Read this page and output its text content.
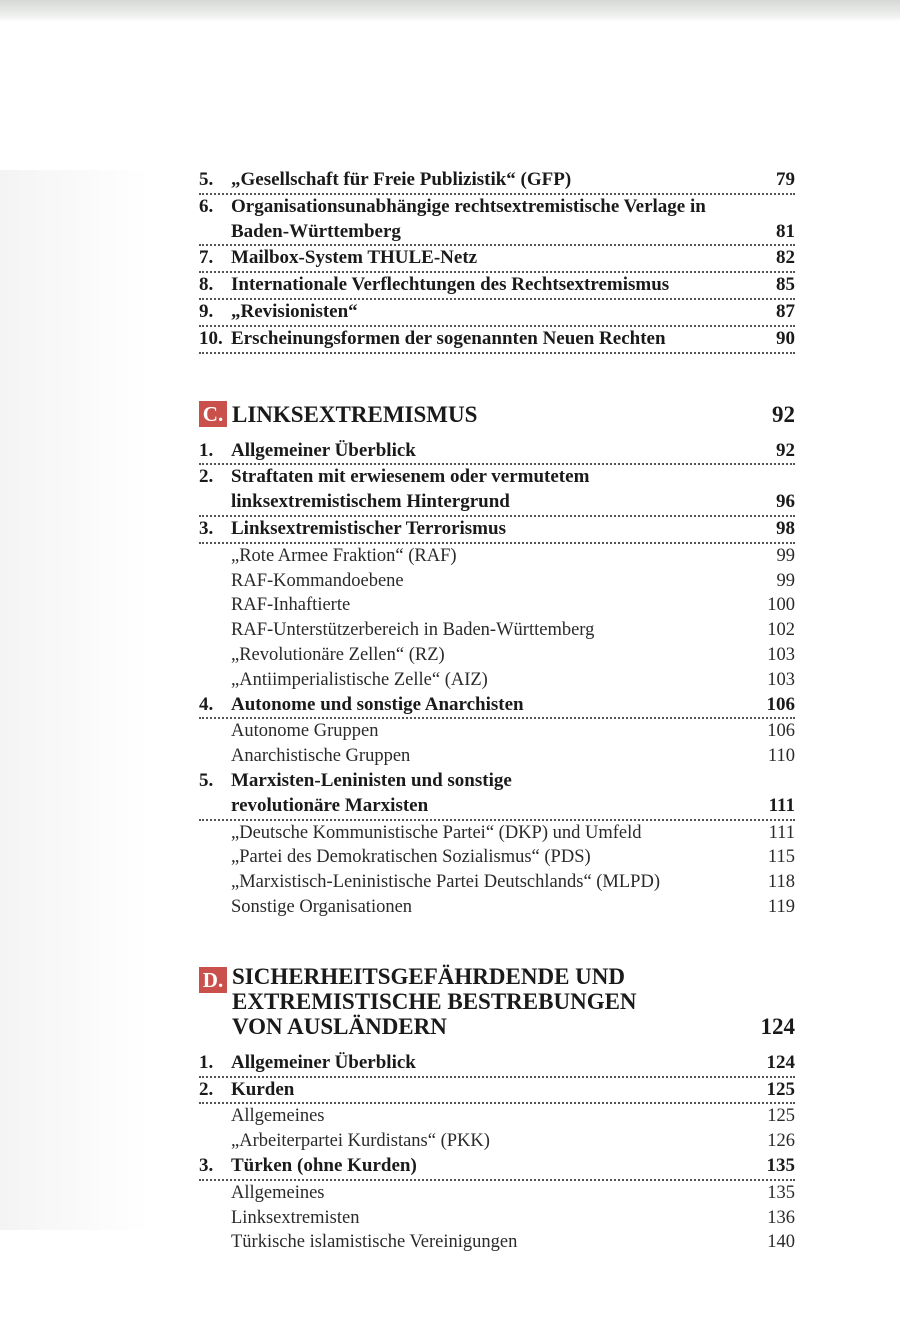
5. „Gesellschaft für Freie Publizistik“ (GFP)	79
6. Organisationsunabhängige rechtsextremistische Verlage in
Baden-Württemberg	81
7. Mailbox-System THULE-Netz	82
8. Internationale Verflechtungen des Rechtsextremismus	85
9. „Revisionisten“	87
10. Erscheinungsformen der sogenannten Neuen Rechten	90
C. LINKSEXTREMISMUS	92
1. Allgemeiner Überblick	92
2. Straftaten mit erwiesenem oder vermutetem
linksextremistischem Hintergrund	96
3. Linksextremistischer Terrorismus	98
„Rote Armee Fraktion“ (RAF)	99
RAF-Kommandoebene	99
RAF-Inhaftierte	100
RAF-Unterstützerbereich in Baden-Württemberg	102
„Revolutionäre Zellen“ (RZ)	103
„Antiimperialistische Zelle“ (AIZ)	103
4. Autonome und sonstige Anarchisten	106
Autonome Gruppen	106
Anarchistische Gruppen	110
5. Marxisten-Leninisten und sonstige
revolutionäre Marxisten	111
„Deutsche Kommunistische Partei“ (DKP) und Umfeld	111
„Partei des Demokratischen Sozialismus“ (PDS)	115
„Marxistisch-Leninistische Partei Deutschlands“ (MLPD)	118
Sonstige Organisationen	119
D. SICHERHEITSGEFÄHRDENDE UND
EXTREMISTISCHE BESTREBUNGEN
VON AUSLÄNDERN	124
1. Allgemeiner Überblick	124
2. Kurden	125
Allgemeines	125
„Arbeiterpartei Kurdistans“ (PKK)	126
3. Türken (ohne Kurden)	135
Allgemeines	135
Linksextremisten	136
Türkische islamistische Vereinigungen	140
